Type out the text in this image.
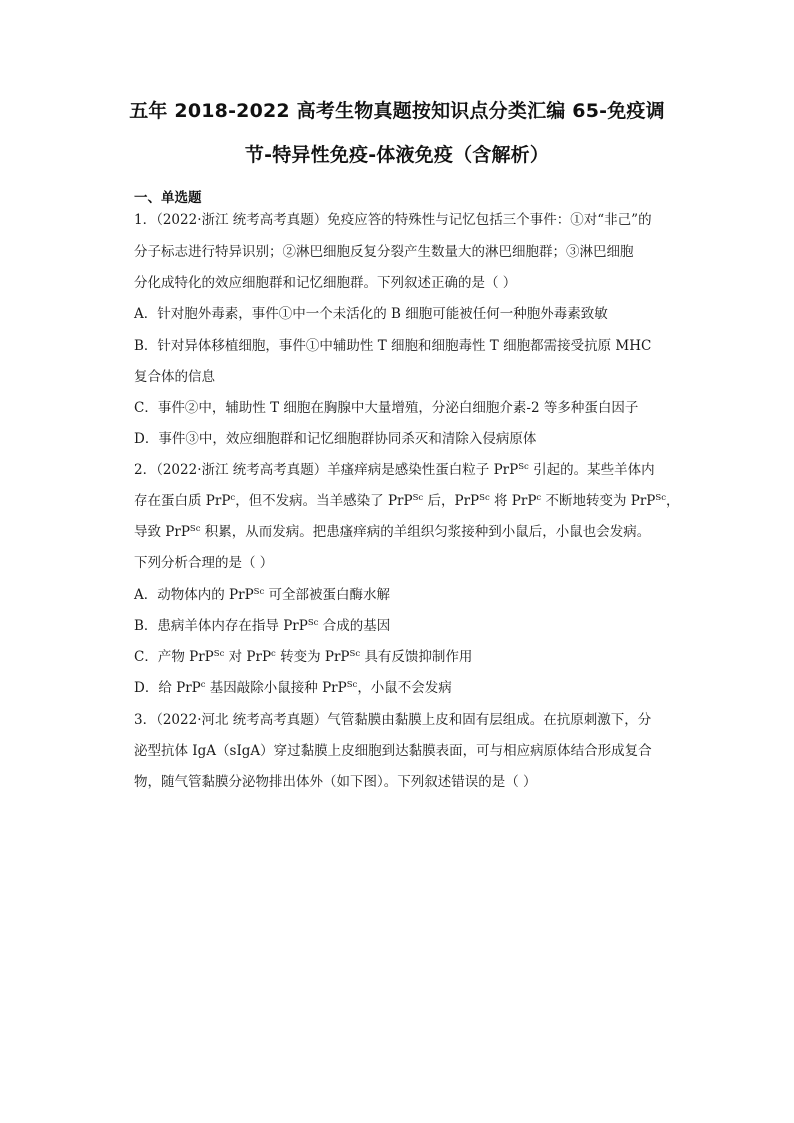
五年 2018-2022 高考生物真题按知识点分类汇编 65-免疫调
节-特异性免疫-体液免疫（含解析）
一、单选题
1．（2022·浙江 统考高考真题）免疫应答的特殊性与记忆包括三个事件：①对“非己”的
分子标志进行特异识别；②淋巴细胞反复分裂产生数量大的淋巴细胞群；③淋巴细胞
分化成特化的效应细胞群和记忆细胞群。下列叙述正确的是（ ）
A．针对胞外毒素，事件①中一个未活化的 B 细胞可能被任何一种胞外毒素致敏
B．针对异体移植细胞，事件①中辅助性 T 细胞和细胞毒性 T 细胞都需接受抗原 MHC
复合体的信息
C．事件②中，辅助性 T 细胞在胸腺中大量增殖，分泌白细胞介素-2 等多种蛋白因子
D．事件③中，效应细胞群和记忆细胞群协同杀灭和清除入侵病原体
2．（2022·浙江 统考高考真题）羊瘙痒病是感染性蛋白粒子 PrP$^{Sc}$ 引起的。某些羊体内
存在蛋白质 PrP$^c$，但不发病。当羊感染了 PrP$^{Sc}$ 后，PrP$^{Sc}$ 将 PrP$^c$ 不断地转变为 PrP$^{Sc}$，
导致 PrP$^{Sc}$ 积累，从而发病。把患瘙痒病的羊组织匀浆接种到小鼠后，小鼠也会发病。
下列分析合理的是（ ）
A．动物体内的 PrP$^{Sc}$ 可全部被蛋白酶水解
B．患病羊体内存在指导 PrP$^{Sc}$ 合成的基因
C．产物 PrP$^{Sc}$ 对 PrP$^c$ 转变为 PrP$^{Sc}$ 具有反馈抑制作用
D．给 PrP$^c$ 基因敲除小鼠接种 PrP$^{Sc}$，小鼠不会发病
3．（2022·河北 统考高考真题）气管黏膜由黏膜上皮和固有层组成。在抗原刺激下，分
泌型抗体 IgA（sIgA）穿过黏膜上皮细胞到达黏膜表面，可与相应病原体结合形成复合
物，随气管黏膜分泌物排出体外（如下图）。下列叙述错误的是（ ）
